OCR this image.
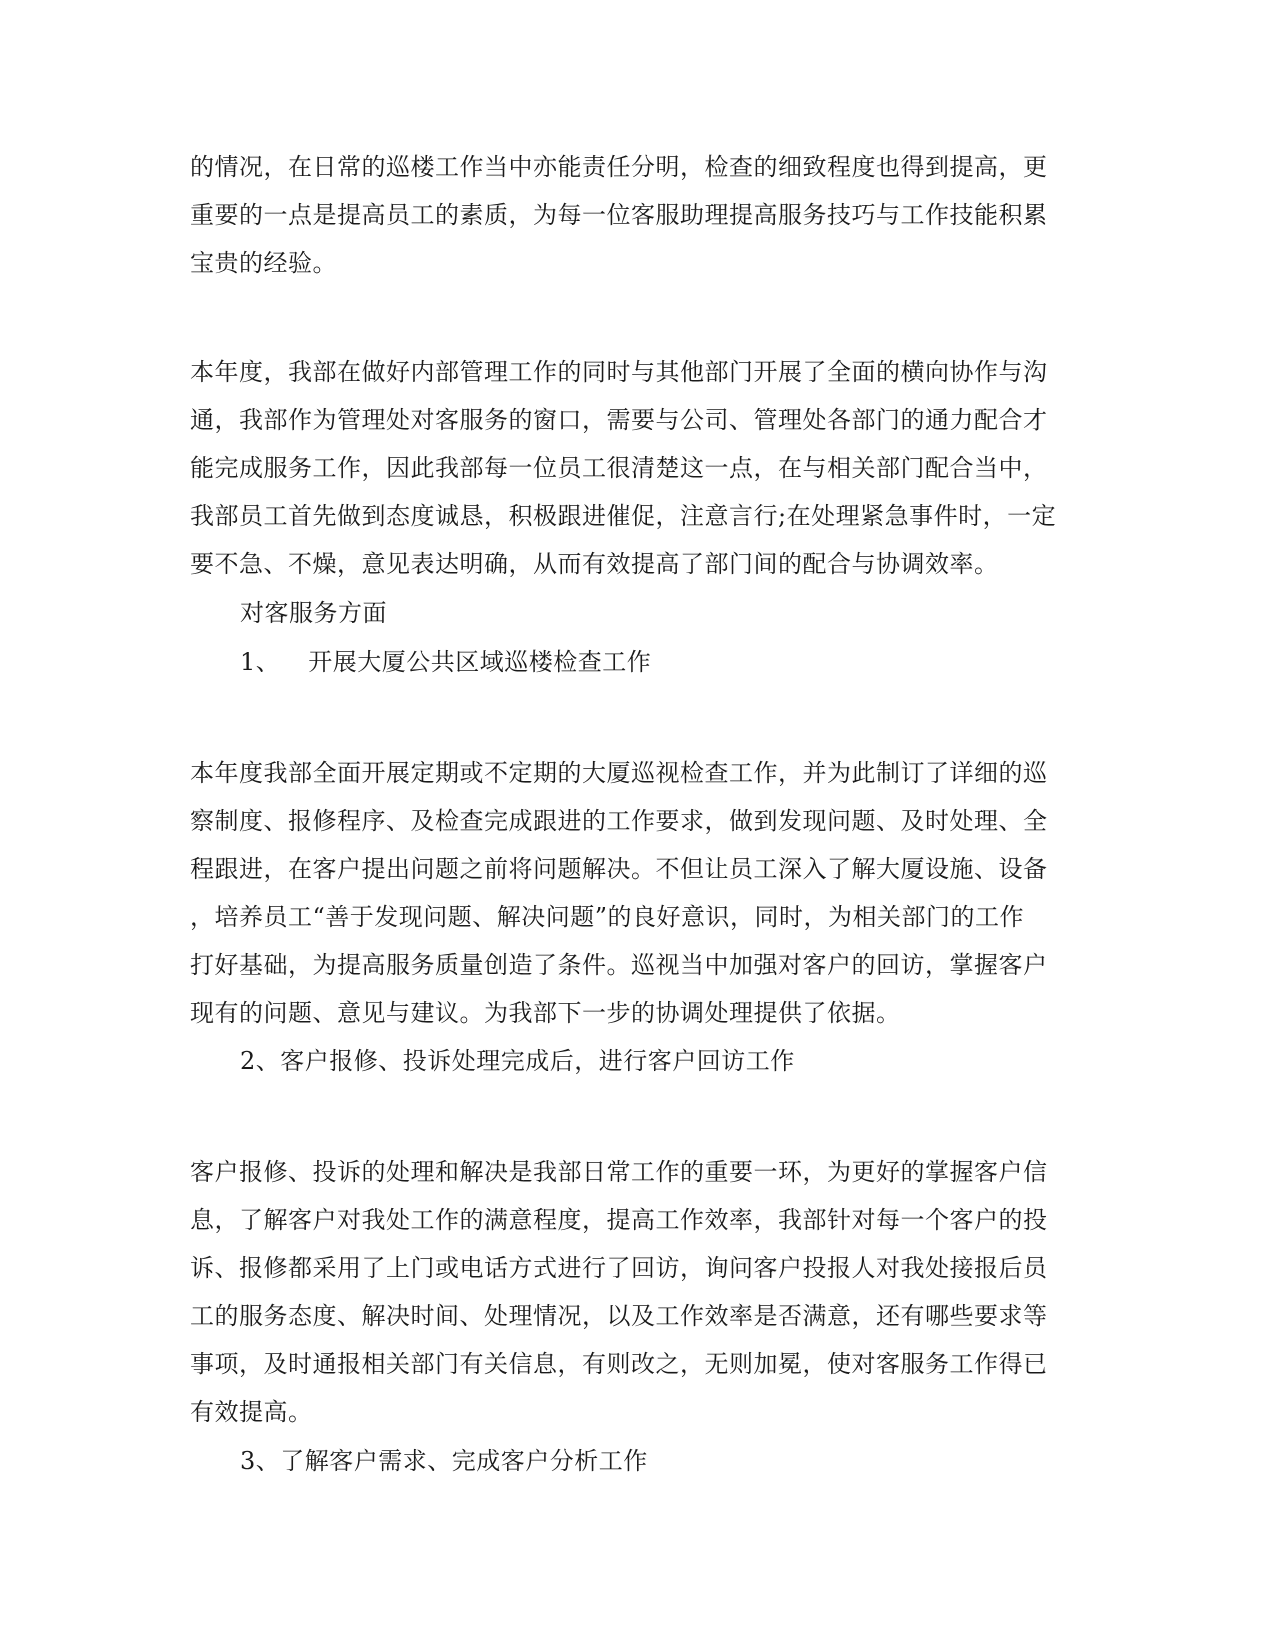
的情况，在日常的巡楼工作当中亦能责任分明，检查的细致程度也得到提高，更
重要的一点是提高员工的素质，为每一位客服助理提高服务技巧与工作技能积累
宝贵的经验。
本年度，我部在做好内部管理工作的同时与其他部门开展了全面的横向协作与沟
通，我部作为管理处对客服务的窗口，需要与公司、管理处各部门的通力配合才
能完成服务工作，因此我部每一位员工很清楚这一点，在与相关部门配合当中，
我部员工首先做到态度诚恳，积极跟进催促，注意言行;在处理紧急事件时，一定
要不急、不燥，意见表达明确，从而有效提高了部门间的配合与协调效率。
对客服务方面
1、 开展大厦公共区域巡楼检查工作
本年度我部全面开展定期或不定期的大厦巡视检查工作，并为此制订了详细的巡
察制度、报修程序、及检查完成跟进的工作要求，做到发现问题、及时处理、全
程跟进，在客户提出问题之前将问题解决。不但让员工深入了解大厦设施、设备
，培养员工“善于发现问题、解决问题”的良好意识，同时，为相关部门的工作
打好基础，为提高服务质量创造了条件。巡视当中加强对客户的回访，掌握客户
现有的问题、意见与建议。为我部下一步的协调处理提供了依据。
2、客户报修、投诉处理完成后，进行客户回访工作
客户报修、投诉的处理和解决是我部日常工作的重要一环，为更好的掌握客户信
息，了解客户对我处工作的满意程度，提高工作效率，我部针对每一个客户的投
诉、报修都采用了上门或电话方式进行了回访，询问客户投报人对我处接报后员
工的服务态度、解决时间、处理情况，以及工作效率是否满意，还有哪些要求等
事项，及时通报相关部门有关信息，有则改之，无则加冕，使对客服务工作得已
有效提高。
3、了解客户需求、完成客户分析工作
